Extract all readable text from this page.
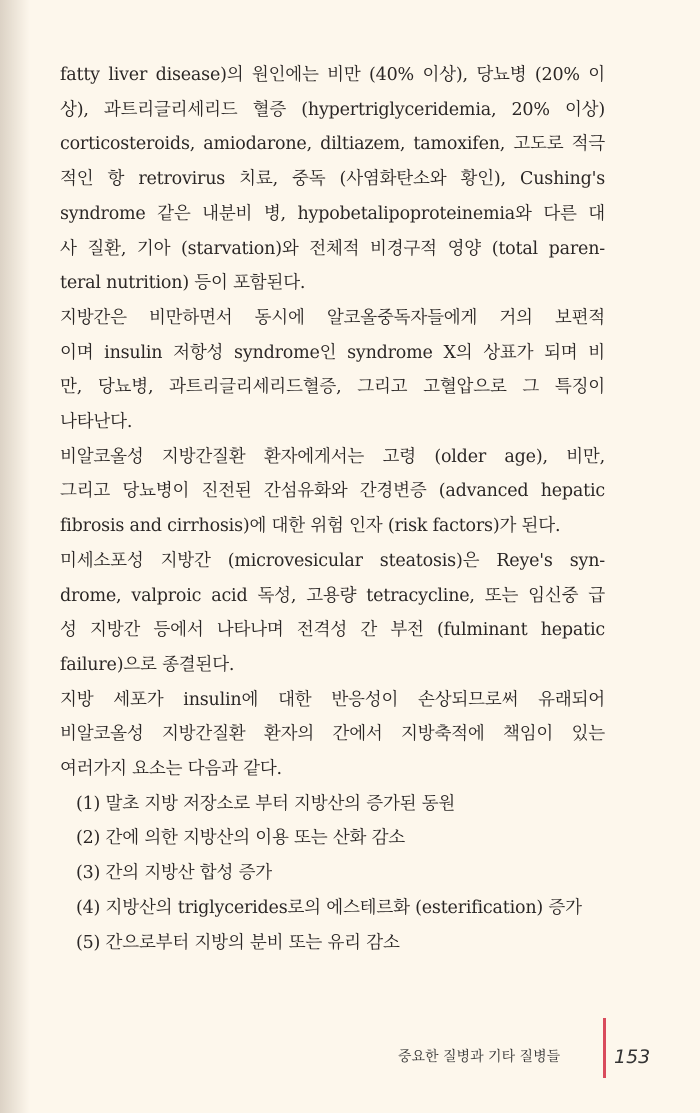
fatty liver disease)의 원인에는 비만 (40% 이상), 당뇨병 (20% 이
상), 과트리글리세리드 혈증 (hypertriglyceridemia, 20% 이상)
corticosteroids, amiodarone, diltiazem, tamoxifen, 고도로 적극
적인 항 retrovirus 치료, 중독 (사염화탄소와 황인), Cushing's
syndrome 같은 내분비 병, hypobetalipoproteinemia와 다른 대
사 질환, 기아 (starvation)와 전체적 비경구적 영양 (total paren-
teral nutrition) 등이 포함된다.

지방간은 비만하면서 동시에 알코올중독자들에게 거의 보편적
이며 insulin 저항성 syndrome인 syndrome X의 상표가 되며 비
만, 당뇨병, 과트리글리세리드혈증, 그리고 고혈압으로 그 특징이
나타난다.

비알코올성 지방간질환 환자에게서는 고령 (older age), 비만,
그리고 당뇨병이 진전된 간섬유화와 간경변증 (advanced hepatic
fibrosis and cirrhosis)에 대한 위험 인자 (risk factors)가 된다.

미세소포성 지방간 (microvesicular steatosis)은 Reye's syn-
drome, valproic acid 독성, 고용량 tetracycline, 또는 임신중 급
성 지방간 등에서 나타나며 전격성 간 부전 (fulminant hepatic
failure)으로 종결된다.

지방 세포가 insulin에 대한 반응성이 손상되므로써 유래되어
비알코올성 지방간질환 환자의 간에서 지방축적에 책임이 있는
여러가지 요소는 다음과 같다.

(1) 말초 지방 저장소로 부터 지방산의 증가된 동원
(2) 간에 의한 지방산의 이용 또는 산화 감소
(3) 간의 지방산 합성 증가
(4) 지방산의 triglycerides로의 에스테르화 (esterification) 증가
(5) 간으로부터 지방의 분비 또는 유리 감소
중요한 질병과 기타 질병들	153
